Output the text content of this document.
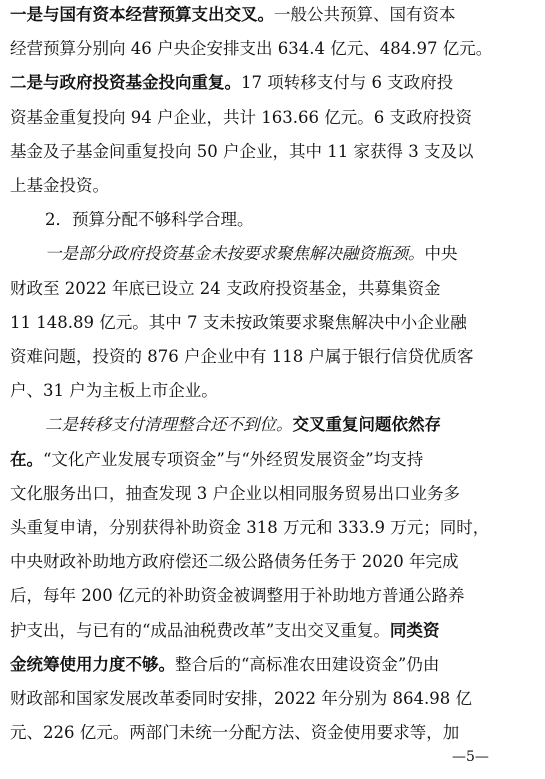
一是与国有资本经营预算支出交叉。一般公共预算、国有资本
经营预算分别向 46 户央企安排支出 634.4 亿元、484.97 亿元。
二是与政府投资基金投向重复。17 项转移支付与 6 支政府投
资基金重复投向 94 户企业，共计 163.66 亿元。6 支政府投资
基金及子基金间重复投向 50 户企业，其中 11 家获得 3 支及以
上基金投资。
2．预算分配不够科学合理。
一是部分政府投资基金未按要求聚焦解决融资瓶颈。中央
财政至 2022 年底已设立 24 支政府投资基金，共募集资金
11 148.89 亿元。其中 7 支未按政策要求聚焦解决中小企业融
资难问题，投资的 876 户企业中有 118 户属于银行信贷优质客
户、31 户为主板上市企业。
二是转移支付清理整合还不到位。交叉重复问题依然存
在。“文化产业发展专项资金”与“外经贸发展资金”均支持
文化服务出口，抽查发现 3 户企业以相同服务贸易出口业务多
头重复申请，分别获得补助资金 318 万元和 333.9 万元；同时，
中央财政补助地方政府偿还二级公路债务任务于 2020 年完成
后，每年 200 亿元的补助资金被调整用于补助地方普通公路养
护支出，与已有的“成品油税费改革”支出交叉重复。同类资
金统筹使用力度不够。整合后的“高标准农田建设资金”仍由
财政部和国家发展改革委同时安排，2022 年分别为 864.98 亿
元、226 亿元。两部门未统一分配方法、资金使用要求等，加
—5—
